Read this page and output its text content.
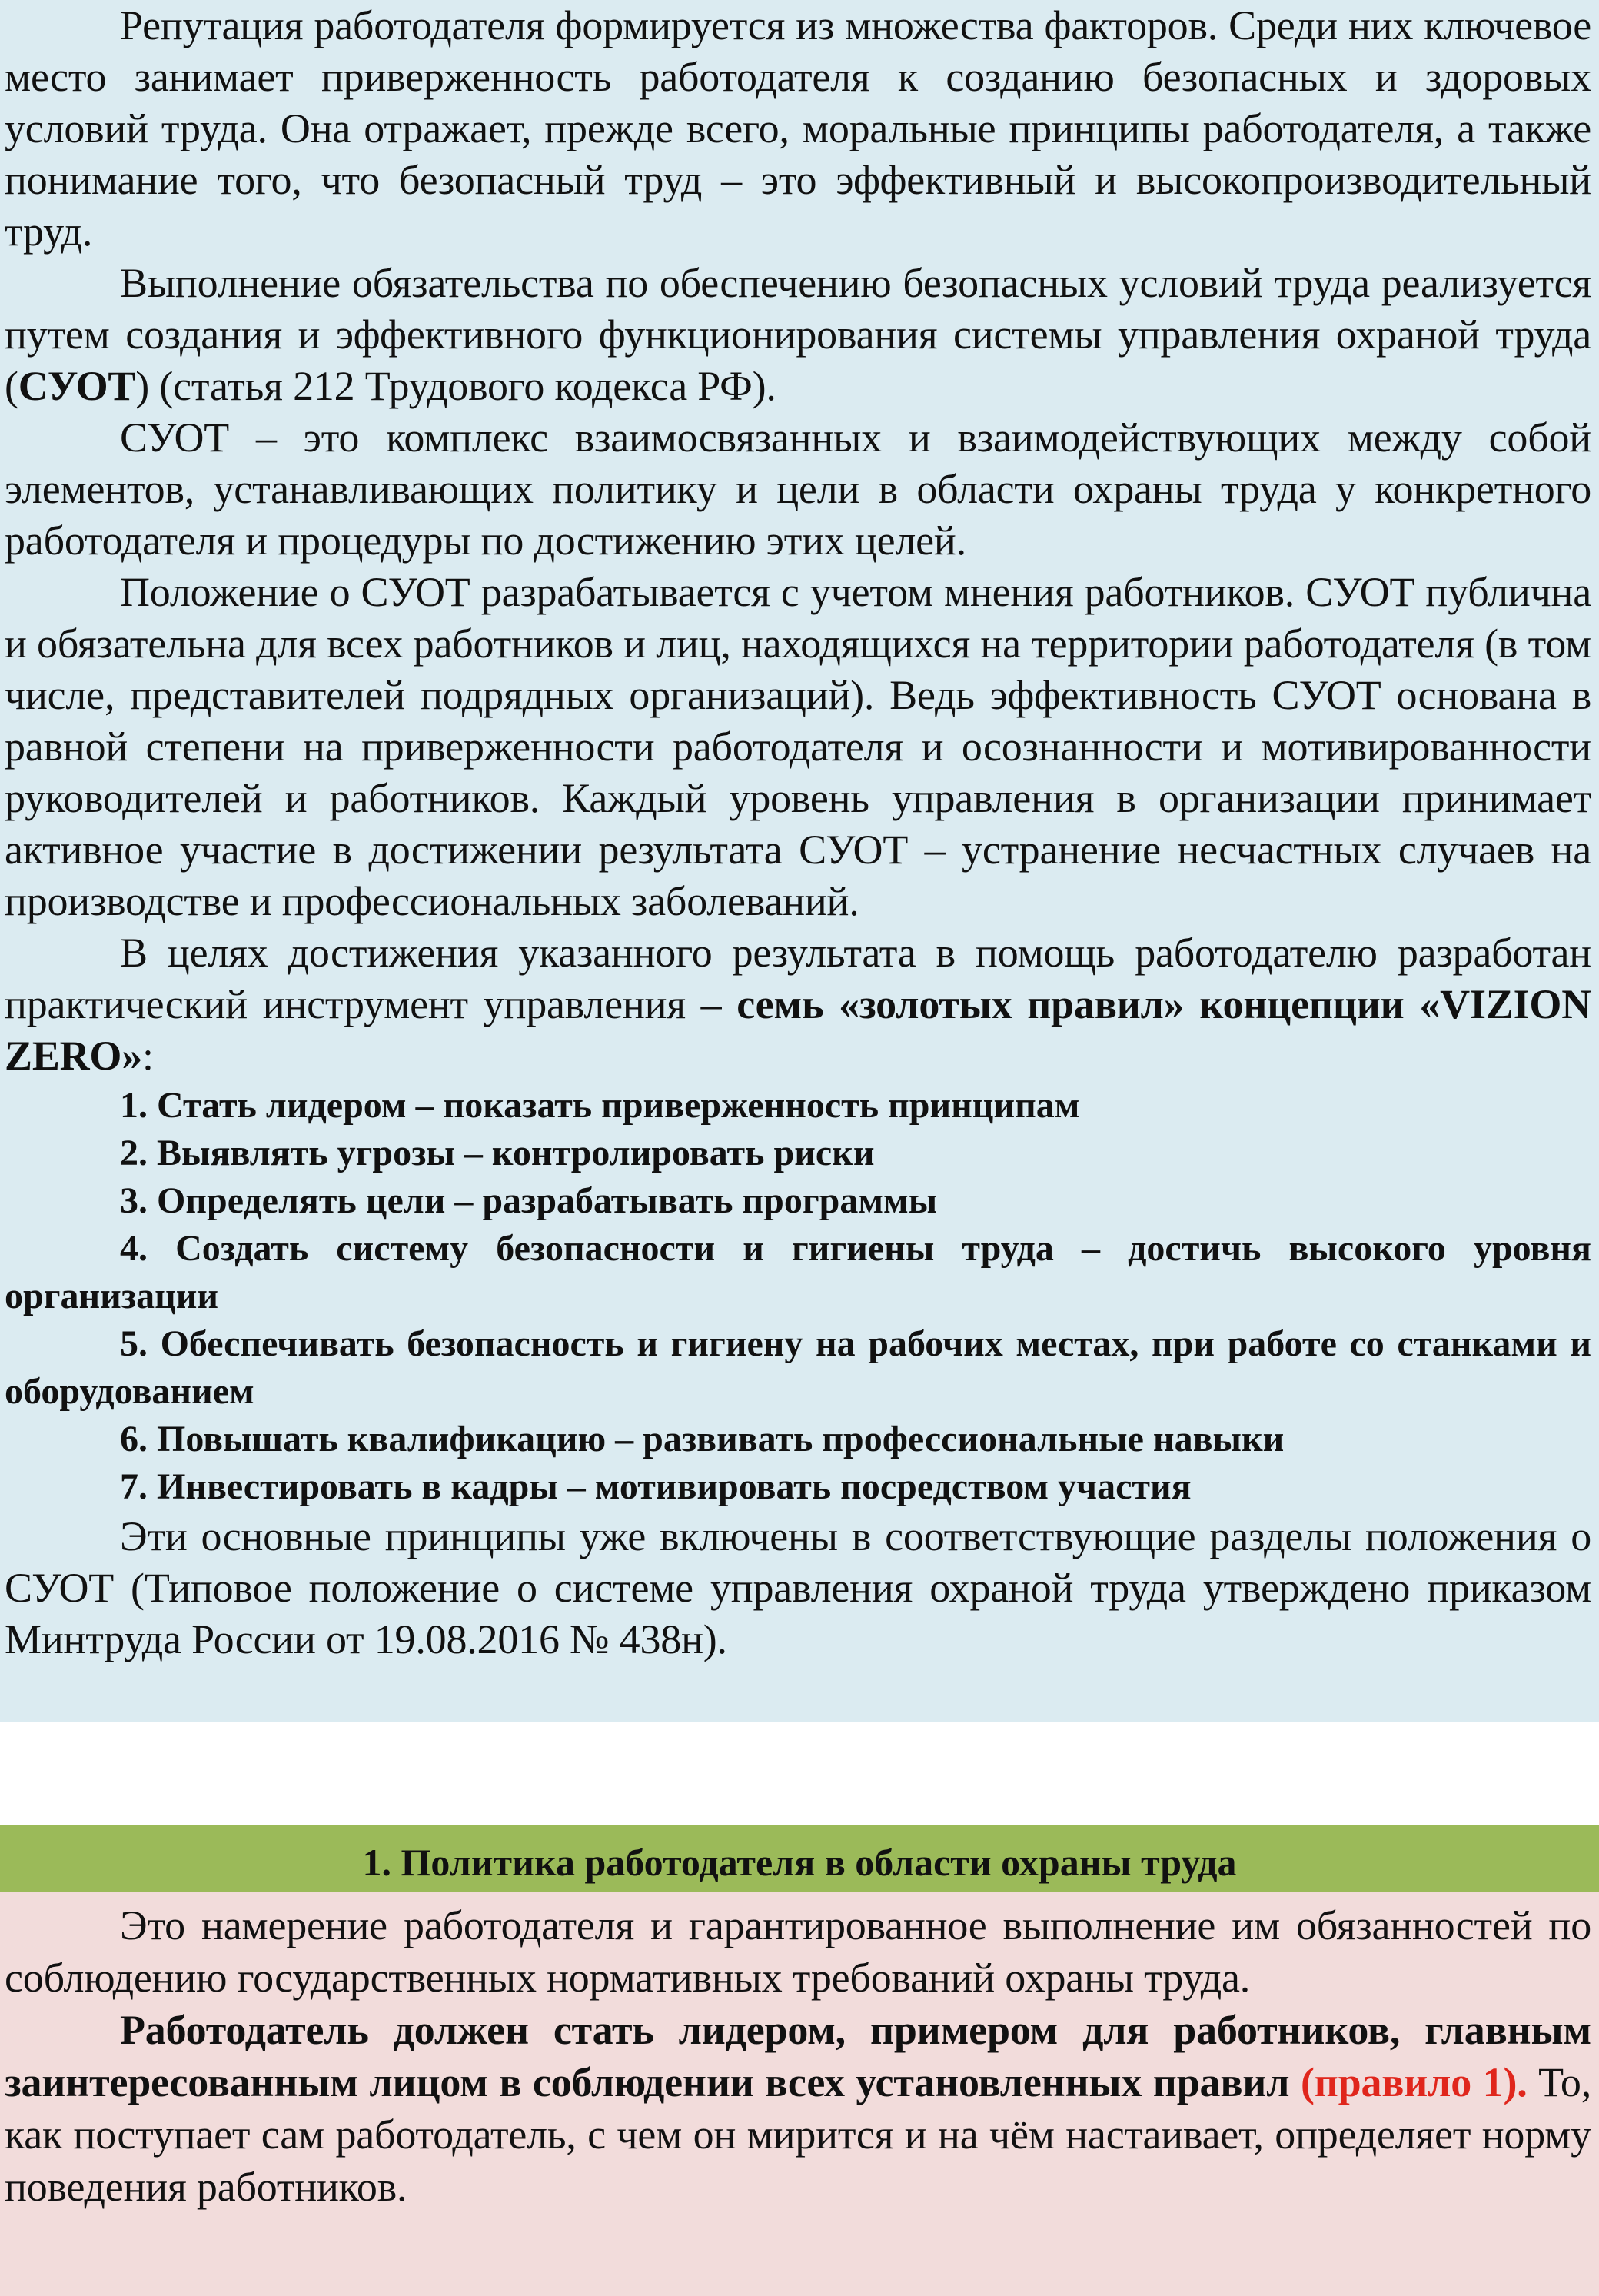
Репутация работодателя формируется из множества факторов. Среди них ключевое место занимает приверженность работодателя к созданию безопасных и здоровых условий труда. Она отражает, прежде всего, моральные принципы работодателя, а также понимание того, что безопасный труд – это эффективный и высокопроизводительный труд.

Выполнение обязательства по обеспечению безопасных условий труда реализуется путем создания и эффективного функционирования системы управления охраной труда (СУОТ) (статья 212 Трудового кодекса РФ).

СУОТ – это комплекс взаимосвязанных и взаимодействующих между собой элементов, устанавливающих политику и цели в области охраны труда у конкретного работодателя и процедуры по достижению этих целей.

Положение о СУОТ разрабатывается с учетом мнения работников. СУОТ публична и обязательна для всех работников и лиц, находящихся на территории работодателя (в том числе, представителей подрядных организаций). Ведь эффективность СУОТ основана в равной степени на приверженности работодателя и осознанности и мотивированности руководителей и работников. Каждый уровень управления в организации принимает активное участие в достижении результата СУОТ – устранение несчастных случаев на производстве и профессиональных заболеваний.

В целях достижения указанного результата в помощь работодателю разработан практический инструмент управления – семь «золотых правил» концепции «VIZION ZERO»:

1. Стать лидером – показать приверженность принципам

2. Выявлять угрозы – контролировать риски

3. Определять цели – разрабатывать программы

4. Создать систему безопасности и гигиены труда – достичь высокого уровня организации

5. Обеспечивать безопасность и гигиену на рабочих местах, при работе со станками и оборудованием

6. Повышать квалификацию – развивать профессиональные навыки

7. Инвестировать в кадры – мотивировать посредством участия

Эти основные принципы уже включены в соответствующие разделы положения о СУОТ (Типовое положение о системе управления охраной труда утверждено приказом Минтруда России от 19.08.2016 № 438н).

1. Политика работодателя в области охраны труда

Это намерение работодателя и гарантированное выполнение им обязанностей по соблюдению государственных нормативных требований охраны труда.

Работодатель должен стать лидером, примером для работников, главным заинтересованным лицом в соблюдении всех установленных правил (правило 1). То, как поступает сам работодатель, с чем он мирится и на чём настаивает, определяет норму поведения работников.
